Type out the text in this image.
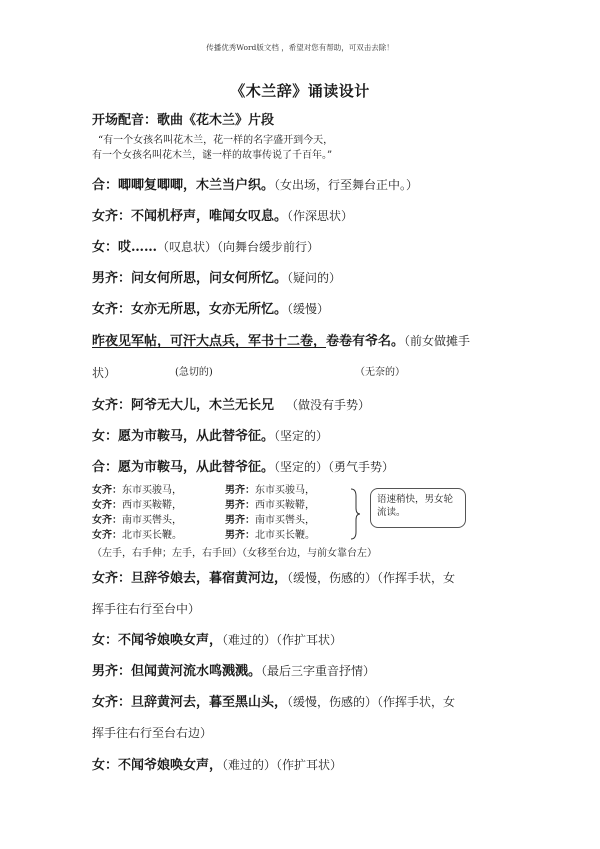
传播优秀Word版文档 ，希望对您有帮助，可双击去除！
《木兰辞》诵读设计
开场配音：歌曲《花木兰》片段
“有一个女孩名叫花木兰，花一样的名字盛开到今天，
有一个女孩名叫花木兰，谜一样的故事传说了千百年。”
合：唧唧复唧唧，木兰当户织。（女出场，行至舞台正中。）
女齐：不闻机杼声，唯闻女叹息。（作深思状）
女：哎……（叹息状）（向舞台缓步前行）
男齐：问女何所思，问女何所忆。（疑问的）
女齐：女亦无所思，女亦无所忆。（缓慢）
昨夜见军帖，可汗大点兵，军书十二卷，卷卷有爷名。（前女做摊手
状）	(急切的)	（无奈的）
女齐：阿爷无大儿，木兰无长兄 （做没有手势）
女：愿为市鞍马，从此替爷征。（坚定的）
合：愿为市鞍马，从此替爷征。（坚定的）（勇气手势）
女齐：东市买骏马，
女齐：西市买鞍鞯，
女齐：南市买辔头，
女齐：北市买长鞭。
男齐：东市买骏马，
男齐：西市买鞍鞯，
男齐：南市买辔头，
男齐：北市买长鞭。
语速稍快，男女轮流读。
（左手，右手伸；左手，右手回）（女移至台边，与前女靠台左）
女齐：旦辞爷娘去，暮宿黄河边，（缓慢，伤感的）（作挥手状，女
挥手往右行至台中）
女：不闻爷娘唤女声，（难过的）（作扩耳状）
男齐：但闻黄河流水鸣溅溅。（最后三字重音抒情）
女齐：旦辞黄河去，暮至黑山头，（缓慢，伤感的）（作挥手状，女
挥手往右行至台右边）
女：不闻爷娘唤女声，（难过的）（作扩耳状）
